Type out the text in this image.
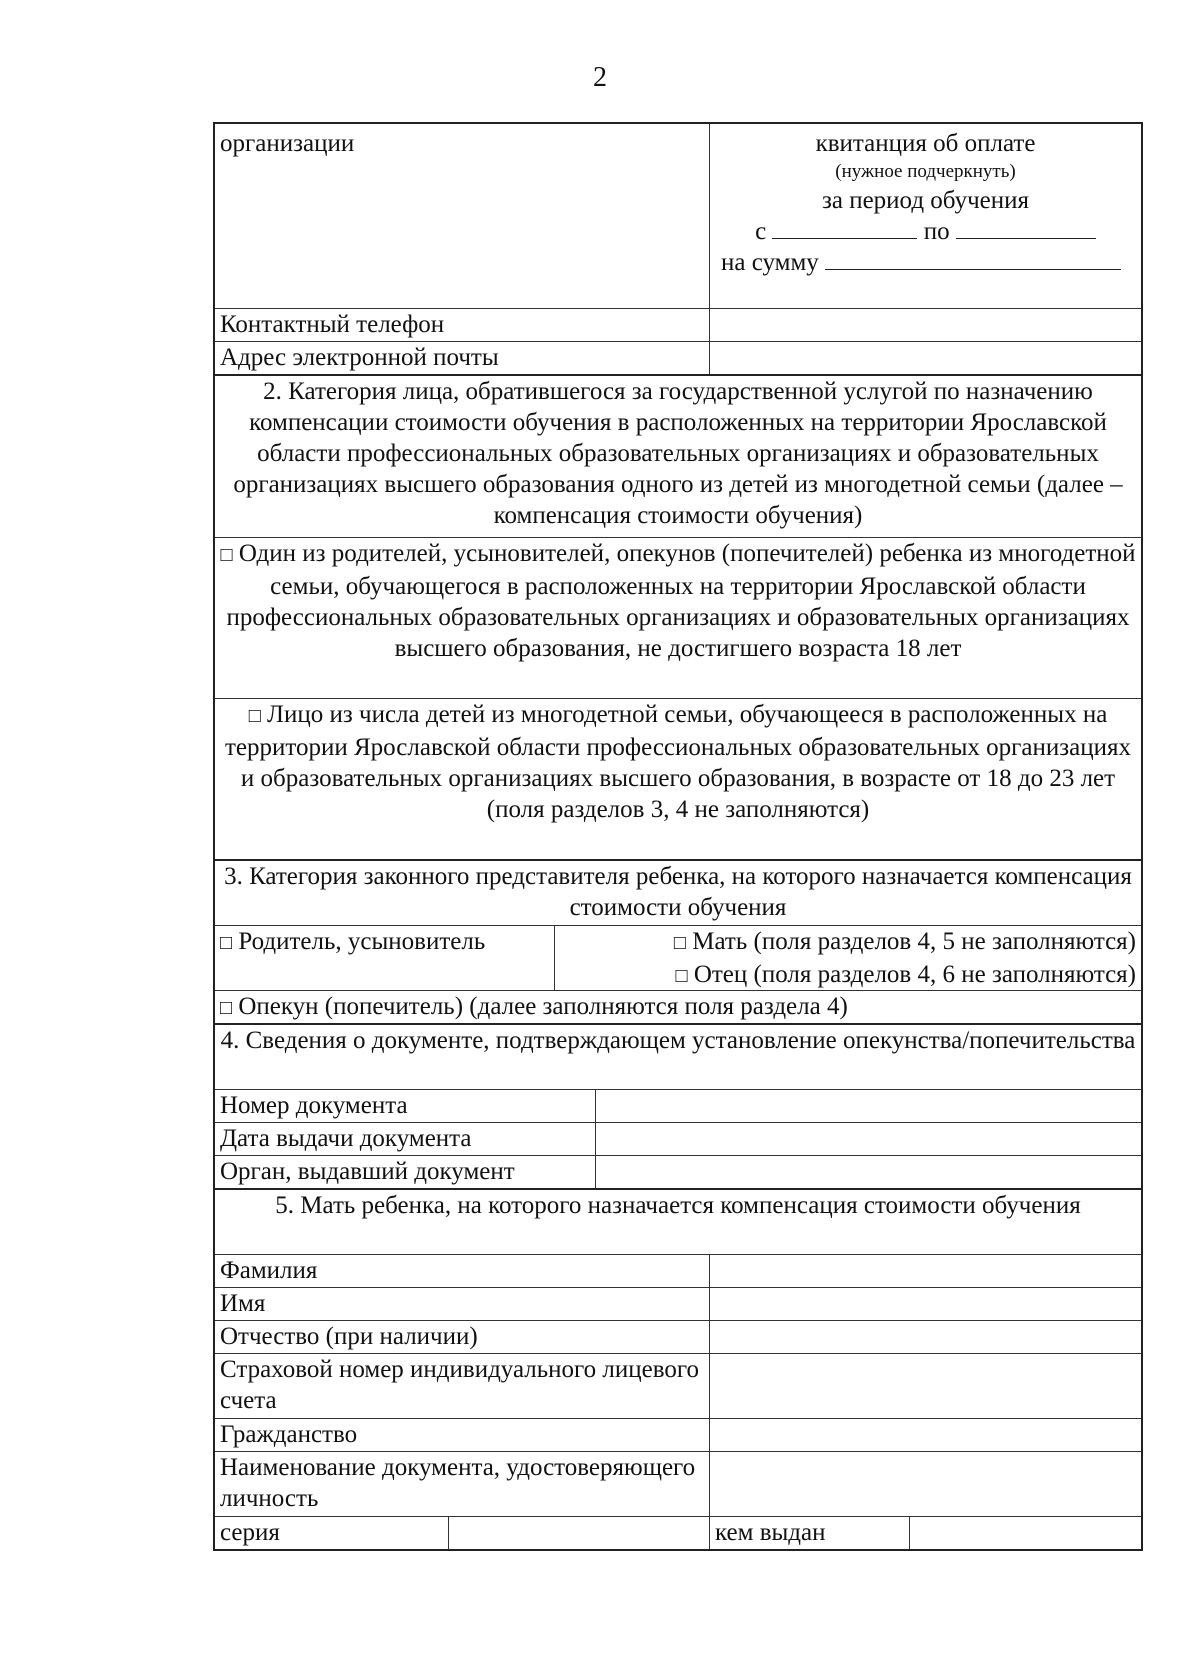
2
организации	квитанция об оплате
(нужное подчеркнуть)
за период обучения
с	по
на сумму
Контактный телефон
Адрес электронной почты
2. Категория лица, обратившегося за государственной услугой по назначению компенсации стоимости обучения в расположенных на территории Ярославской области профессиональных образовательных организациях и образовательных организациях высшего образования одного из детей из многодетной семьи (далее – компенсация стоимости обучения)
□ Один из родителей, усыновителей, опекунов (попечителей) ребенка из многодетной семьи, обучающегося в расположенных на территории Ярославской области профессиональных образовательных организациях и образовательных организациях высшего образования, не достигшего возраста 18 лет
□ Лицо из числа детей из многодетной семьи, обучающееся в расположенных на территории Ярославской области профессиональных образовательных организациях и образовательных организациях высшего образования, в возрасте от 18 до 23 лет
(поля разделов 3, 4 не заполняются)
3. Категория законного представителя ребенка, на которого назначается компенсация стоимости обучения
□ Родитель, усыновитель	□ Мать (поля разделов 4, 5 не заполняются)
□ Отец (поля разделов 4, 6 не заполняются)
□ Опекун (попечитель) (далее заполняются поля раздела 4)
4. Сведения о документе, подтверждающем установление опекунства/попечительства
Номер документа
Дата выдачи документа
Орган, выдавший документ
5. Мать ребенка, на которого назначается компенсация стоимости обучения
Фамилия
Имя
Отчество (при наличии)
Страховой номер индивидуального лицевого счета
Гражданство
Наименование документа, удостоверяющего личность
серия	кем выдан
